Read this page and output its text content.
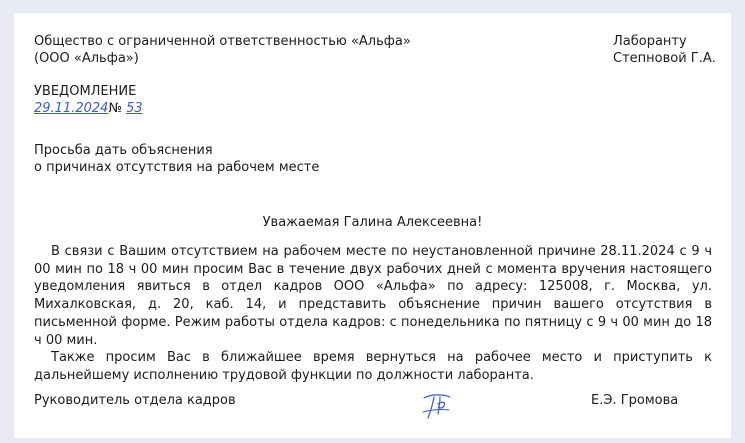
Общество с ограниченной ответственностью «Альфа»
(ООО «Альфа»)
Лаборанту
Степновой Г.А.
УВЕДОМЛЕНИЕ
29.11.2024№ 53
Просьба дать объяснения
о причинах отсутствия на рабочем месте
Уважаемая Галина Алексеевна!

В связи с Вашим отсутствием на рабочем месте по неустановленной причине 28.11.2024 с 9 ч 00 мин по 18 ч 00 мин просим Вас в течение двух рабочих дней с момента вручения настоящего уведомления явиться в отдел кадров ООО «Альфа» по адресу: 125008, г. Москва, ул. Михалковская, д. 20, каб. 14, и представить объяснение причин вашего отсутствия в письменной форме. Режим работы отдела кадров: с понедельника по пятницу с 9 ч 00 мин до 18 ч 00 мин.

Также просим Вас в ближайшее время вернуться на рабочее место и приступить к дальнейшему исполнению трудовой функции по должности лаборанта.

Руководитель отдела кадров	Е.Э. Громова
